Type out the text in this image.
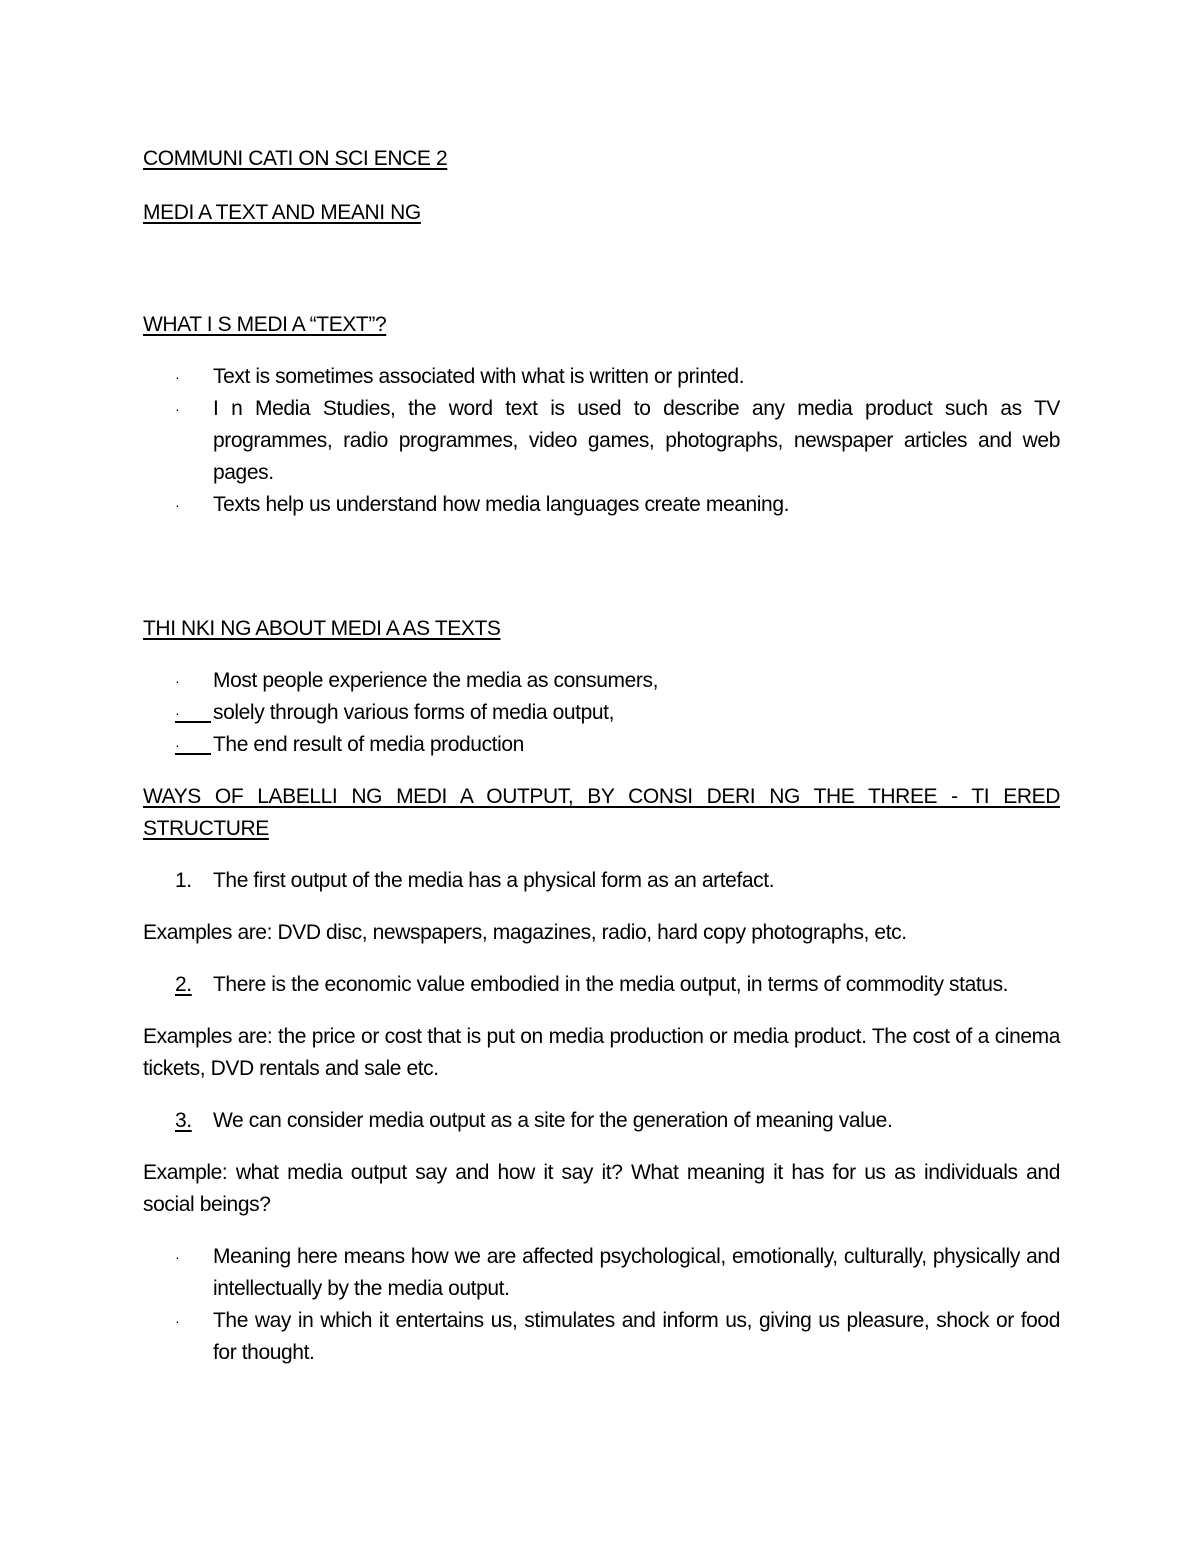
COMMUNI CATI ON SCI ENCE 2
MEDI A TEXT AND MEANI NG
WHAT I S MEDI A “TEXT”?
·	Text is sometimes associated with what is written or printed.
·	I n Media Studies, the word text is used to describe any media product such as TV programmes, radio programmes, video games, photographs, newspaper articles and web pages.
·	Texts help us understand how media languages create meaning.
THI NKI NG ABOUT MEDI A AS TEXTS
·	Most people experience the media as consumers,
·	solely through various forms of media output,
·	The end result of media production
WAYS OF LABELLI NG MEDI A OUTPUT, BY CONSI DERI NG THE THREE - TI ERED STRUCTURE
1.	The first output of the media has a physical form as an artefact.
Examples are: DVD disc, newspapers, magazines, radio, hard copy photographs, etc.
2.	There is the economic value embodied in the media output, in terms of commodity status.
Examples are: the price or cost that is put on media production or media product. The cost of a cinema tickets, DVD rentals and sale etc.
3.	We can consider media output as a site for the generation of meaning value.
Example: what media output say and how it say it? What meaning it has for us as individuals and social beings?
·	Meaning here means how we are affected psychological, emotionally, culturally, physically and intellectually by the media output.
·	The way in which it entertains us, stimulates and inform us, giving us pleasure, shock or food for thought.
